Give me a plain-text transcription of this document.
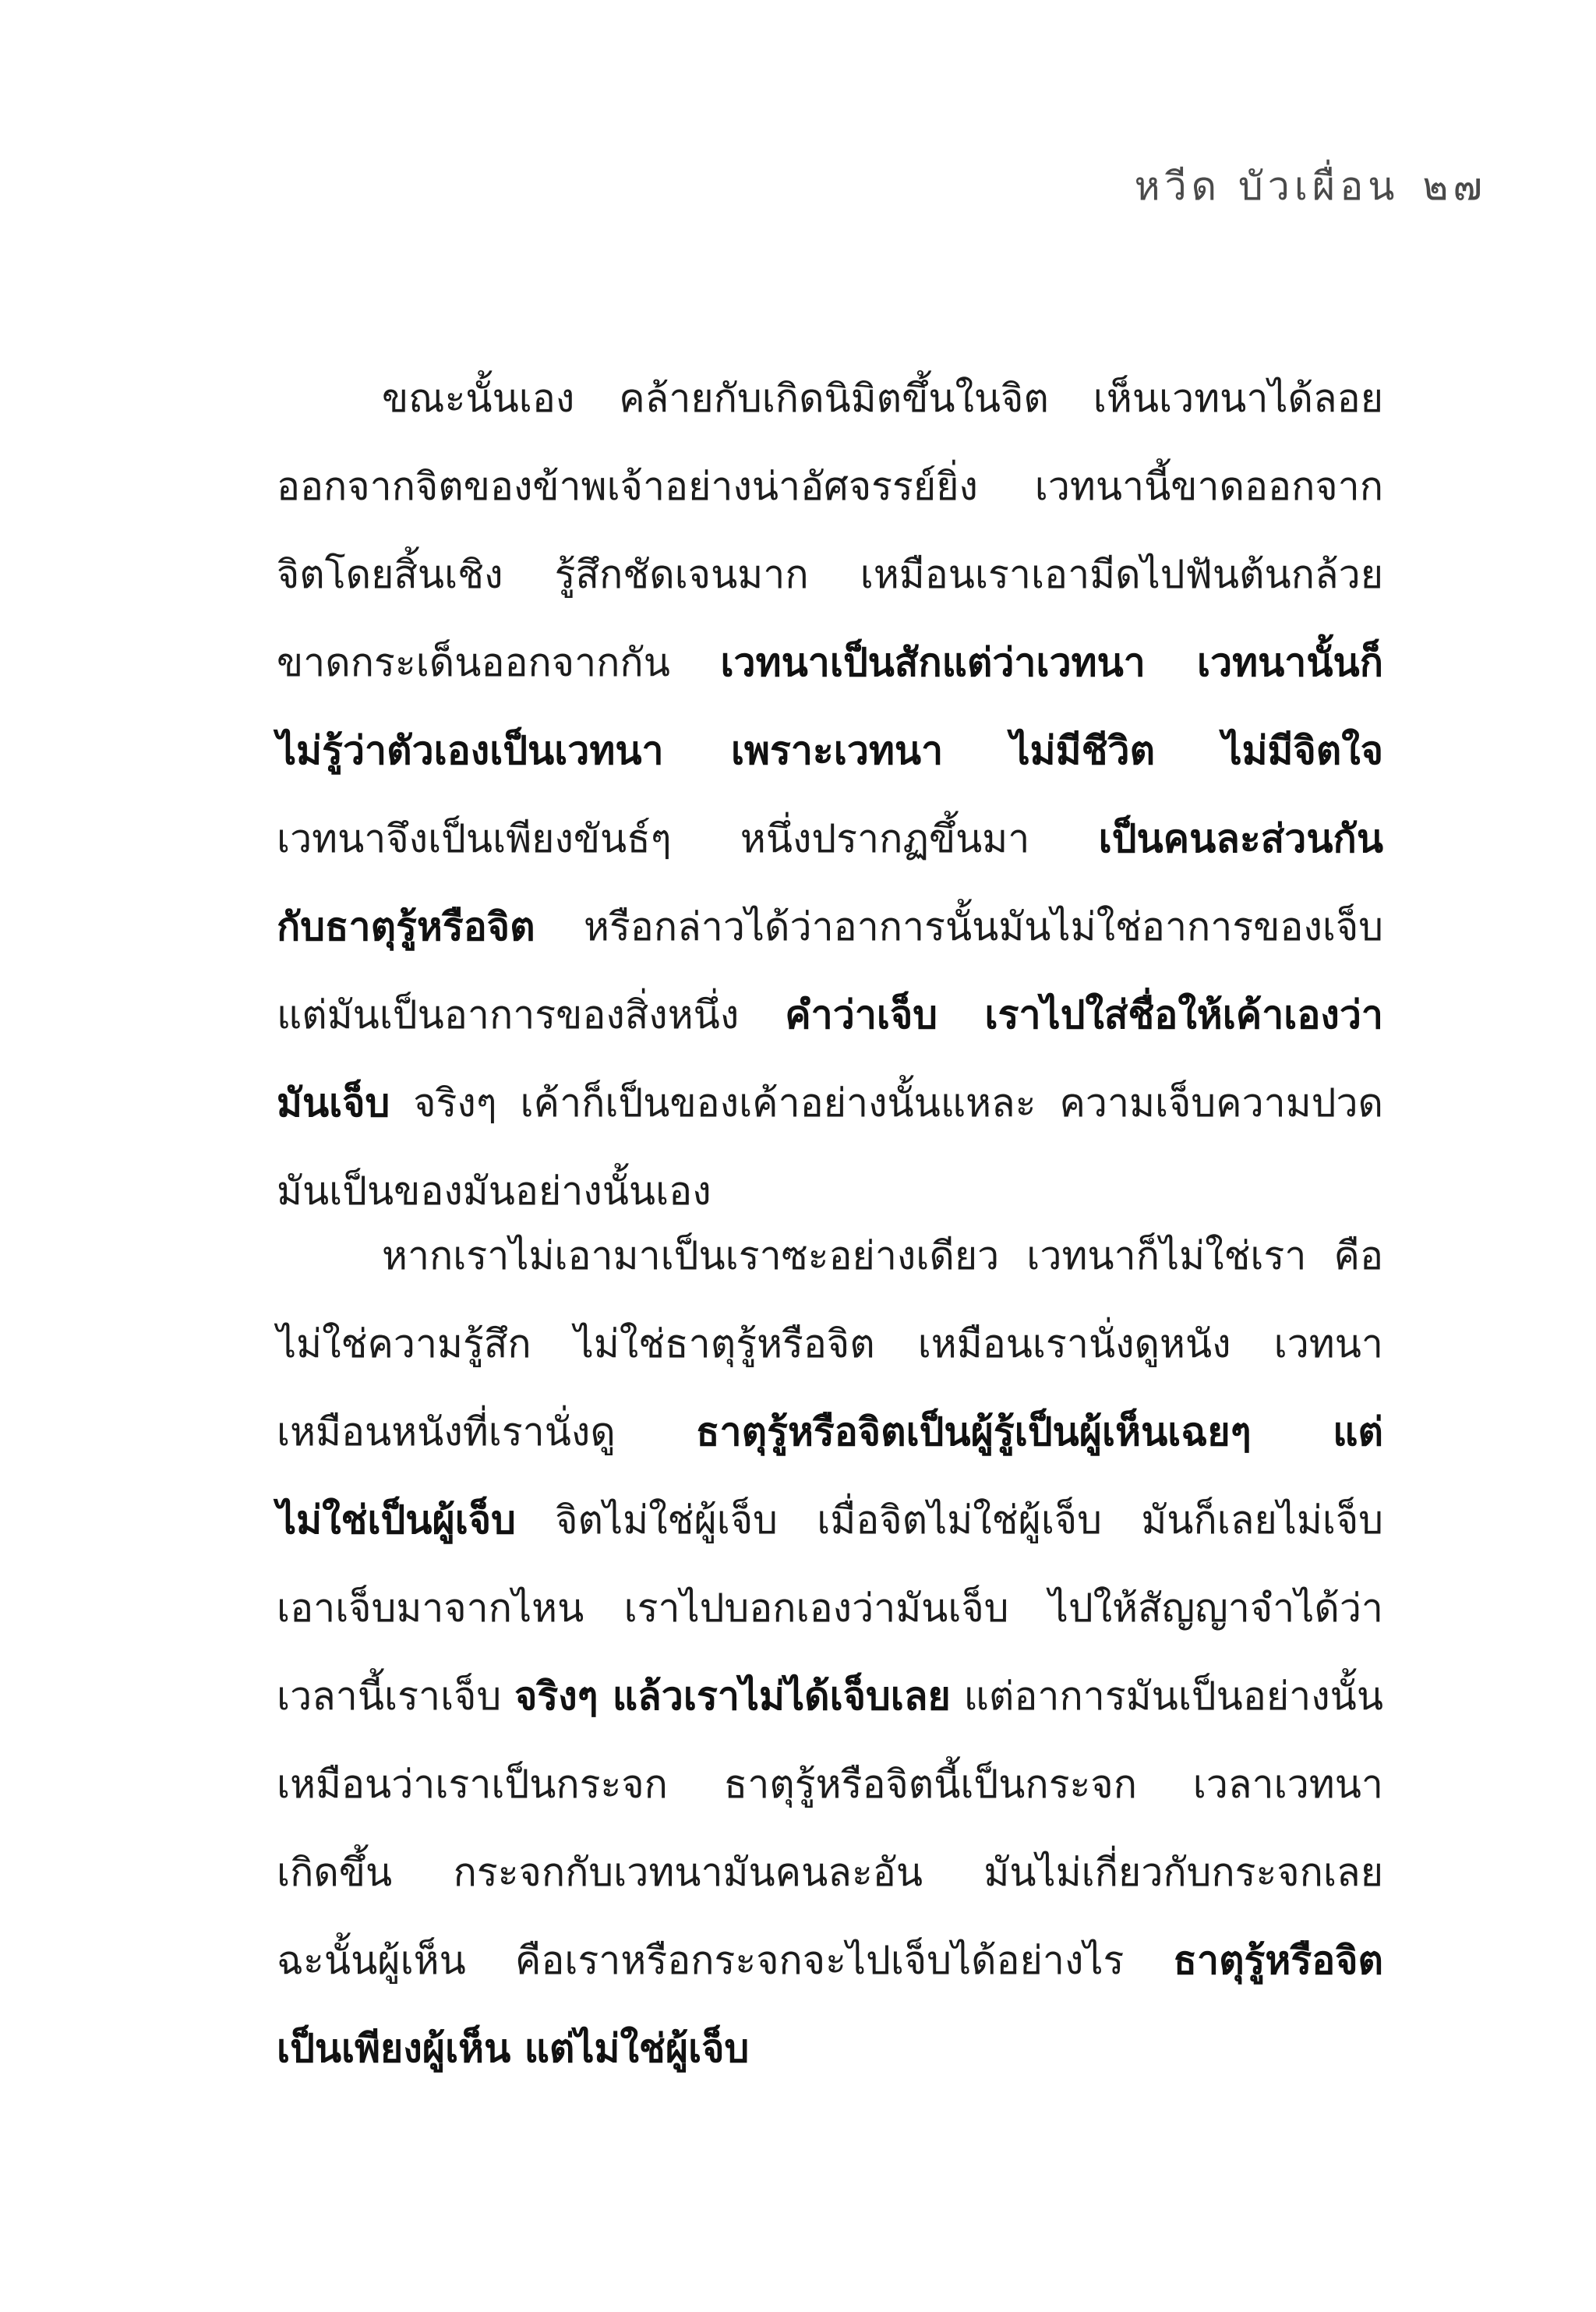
หวีด บัวเผื่อน ๒๗
ขณะนั้นเอง คล้ายกับเกิดนิมิตขึ้นในจิต เห็นเวทนาได้ลอย
ออกจากจิตของข้าพเจ้าอย่างน่าอัศจรรย์ยิ่ง เวทนานี้ขาดออกจาก
จิตโดยสิ้นเชิง รู้สึกชัดเจนมาก เหมือนเราเอามีดไปฟันต้นกล้วย
ขาดกระเด็นออกจากกัน เวทนาเป็นสักแต่ว่าเวทนา เวทนานั้นก็
ไม่รู้ว่าตัวเองเป็นเวทนา เพราะเวทนา ไม่มีชีวิต ไม่มีจิตใจ
เวทนาจึงเป็นเพียงขันธ์ๆ หนึ่งปรากฏขึ้นมา เป็นคนละส่วนกัน
กับธาตุรู้หรือจิต หรือกล่าวได้ว่าอาการนั้นมันไม่ใช่อาการของเจ็บ
แต่มันเป็นอาการของสิ่งหนึ่ง คำว่าเจ็บ เราไปใส่ชื่อให้เค้าเองว่า
มันเจ็บ จริงๆ เค้าก็เป็นของเค้าอย่างนั้นแหละ ความเจ็บความปวด
มันเป็นของมันอย่างนั้นเอง
หากเราไม่เอามาเป็นเราซะอย่างเดียว เวทนาก็ไม่ใช่เรา คือ
ไม่ใช่ความรู้สึก ไม่ใช่ธาตุรู้หรือจิต เหมือนเรานั่งดูหนัง เวทนา
เหมือนหนังที่เรานั่งดู ธาตุรู้หรือจิตเป็นผู้รู้เป็นผู้เห็นเฉยๆ แต่
ไม่ใช่เป็นผู้เจ็บ จิตไม่ใช่ผู้เจ็บ เมื่อจิตไม่ใช่ผู้เจ็บ มันก็เลยไม่เจ็บ
เอาเจ็บมาจากไหน เราไปบอกเองว่ามันเจ็บ ไปให้สัญญาจำได้ว่า
เวลานี้เราเจ็บ จริงๆ แล้วเราไม่ได้เจ็บเลย แต่อาการมันเป็นอย่างนั้น
เหมือนว่าเราเป็นกระจก ธาตุรู้หรือจิตนี้เป็นกระจก เวลาเวทนา
เกิดขึ้น กระจกกับเวทนามันคนละอัน มันไม่เกี่ยวกับกระจกเลย
ฉะนั้นผู้เห็น คือเราหรือกระจกจะไปเจ็บได้อย่างไร ธาตุรู้หรือจิต
เป็นเพียงผู้เห็น แต่ไม่ใช่ผู้เจ็บ
